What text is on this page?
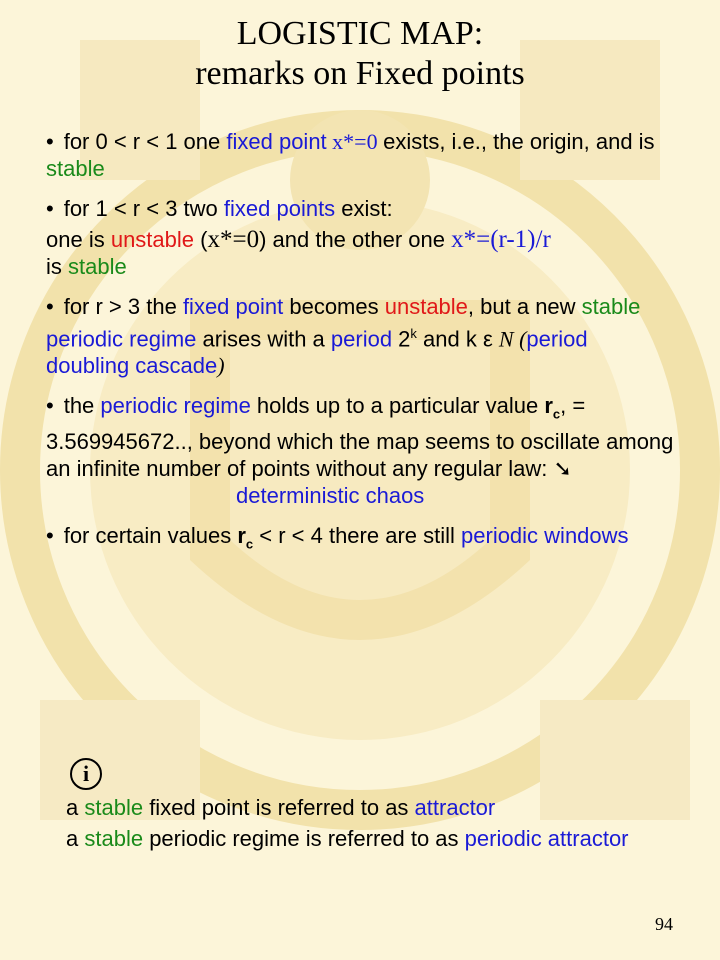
LOGISTIC MAP:
remarks on Fixed points
• for 0 < r < 1 one fixed point x*=0 exists, i.e., the origin, and is stable
• for 1 < r < 3 two fixed points exist:
one is unstable (x*=0) and the other one x*=(r-1)/r
is stable
• for r > 3 the fixed point becomes unstable, but a new stable periodic regime arises with a period 2$^k$ and k ε N (period doubling cascade)
• the periodic regime holds up to a particular value $r_c$, = 3.569945672.., beyond which the map seems to oscillate among an infinite number of points without any regular law: ➘
deterministic chaos
• for certain values $r_c < r < 4$ there are still periodic windows
i
a stable fixed point is referred to as attractor
a stable periodic regime is referred to as periodic attractor
94
